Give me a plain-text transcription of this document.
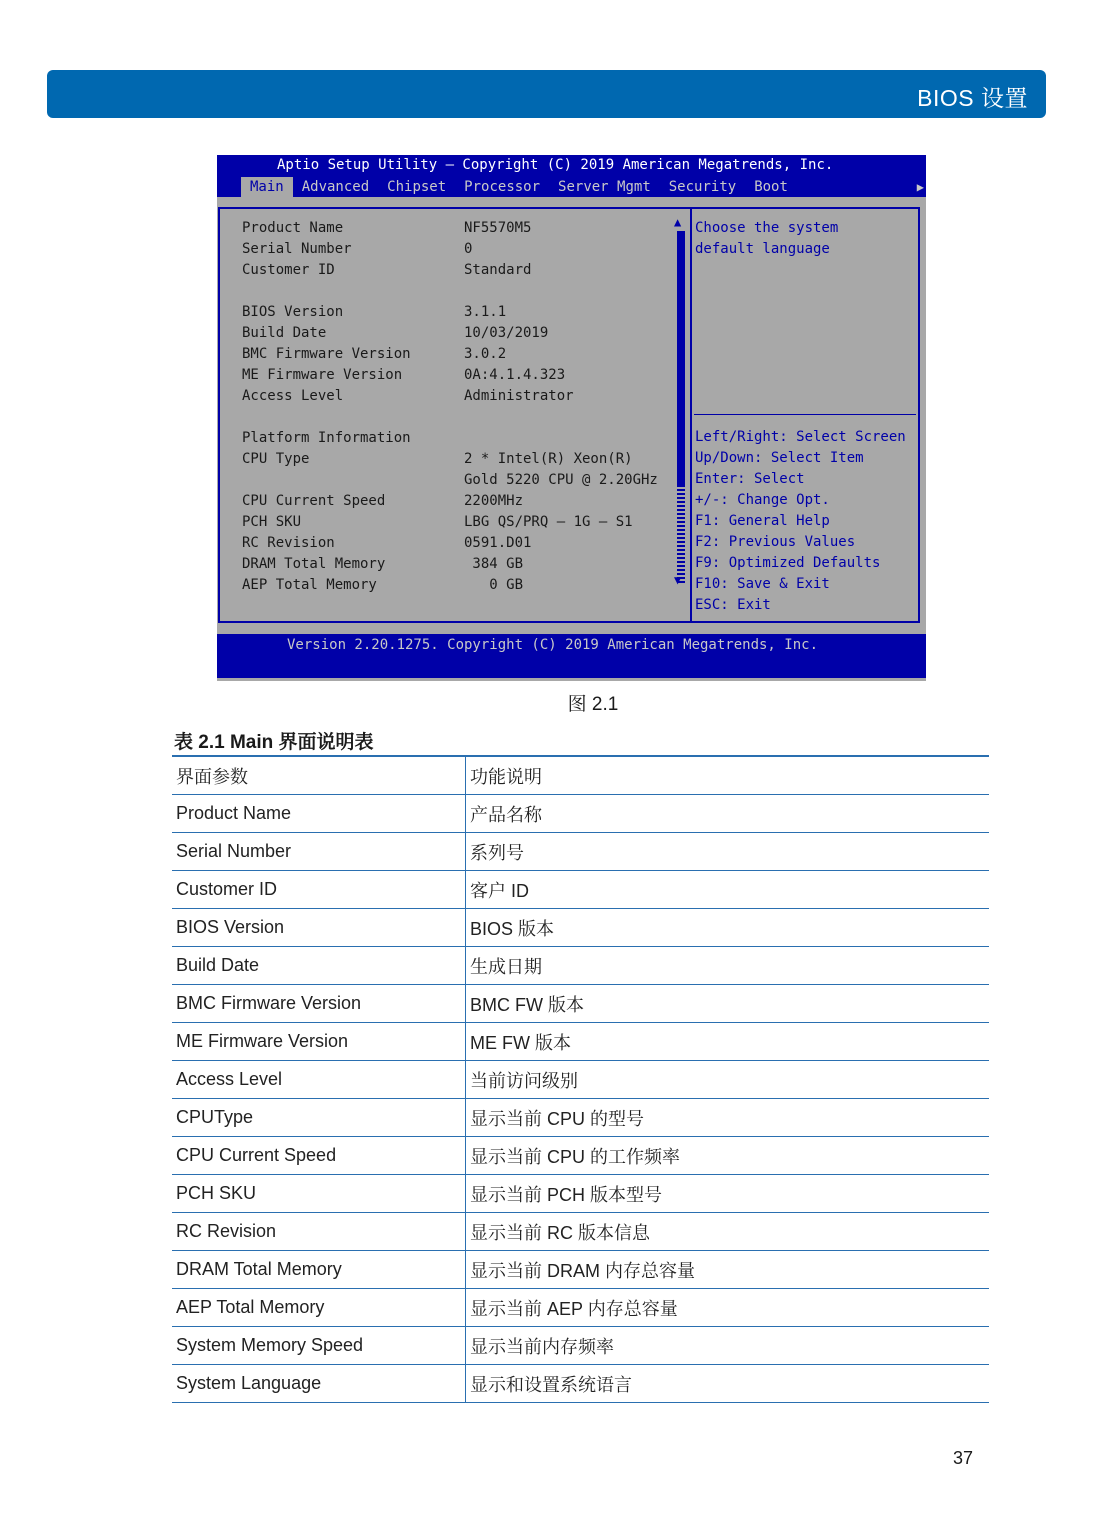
BIOS 设置
Aptio Setup Utility – Copyright (C) 2019 American Megatrends, Inc.
Main	Advanced	Chipset	Processor	Server Mgmt	Security	Boot	▶
▲
▼
Product Name	NF5570M5
Serial Number	0
Customer ID	Standard
BIOS Version	3.1.1
Build Date	10/03/2019
BMC Firmware Version	3.0.2
ME Firmware Version	0A:4.1.4.323
Access Level	Administrator
Platform Information
CPU Type	2 * Intel(R) Xeon(R)
Gold 5220 CPU @ 2.20GHz
CPU Current Speed	2200MHz
PCH SKU	LBG QS/PRQ – 1G – S1
RC Revision	0591.D01
DRAM Total Memory	384 GB
AEP Total Memory	0 GB
Choose the system
default language
Left/Right: Select Screen
Up/Down: Select Item
Enter: Select
+/-: Change Opt.
F1: General Help
F2: Previous Values
F9: Optimized Defaults
F10: Save & Exit
ESC: Exit
Version 2.20.1275. Copyright (C) 2019 American Megatrends, Inc.
图 2.1
表 2.1 Main 界面说明表
界面参数	功能说明
Product Name	产品名称
Serial Number	系列号
Customer ID	客户 ID
BIOS Version	BIOS 版本
Build Date	生成日期
BMC Firmware Version	BMC FW 版本
ME Firmware Version	ME FW 版本
Access Level	当前访问级别
CPUType	显示当前 CPU 的型号
CPU Current Speed	显示当前 CPU 的工作频率
PCH SKU	显示当前 PCH 版本型号
RC Revision	显示当前 RC 版本信息
DRAM Total Memory	显示当前 DRAM 内存总容量
AEP Total Memory	显示当前 AEP 内存总容量
System Memory Speed	显示当前内存频率
System Language	显示和设置系统语言
37
